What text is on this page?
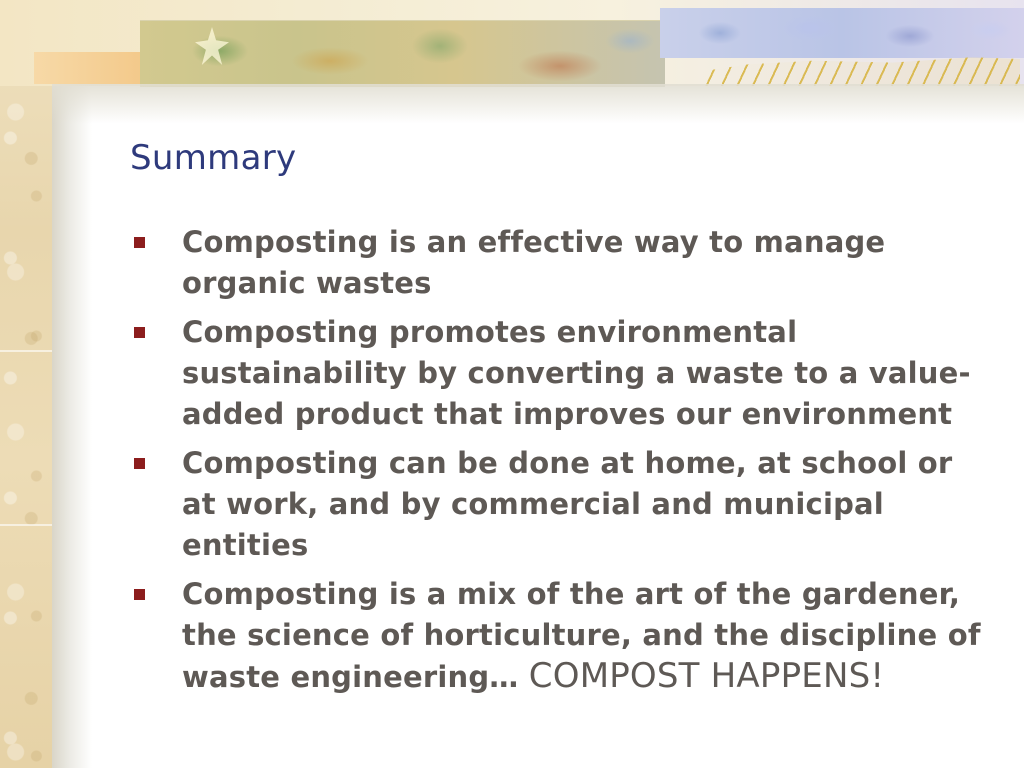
Summary
Composting is an effective way to manage organic wastes
Composting promotes environmental sustainability by converting a waste to a value-added product that improves our environment
Composting can be done at home, at school or at work, and by commercial and municipal entities
Composting is a mix of the art of the gardener, the science of horticulture, and the discipline of waste engineering… COMPOST HAPPENS!
